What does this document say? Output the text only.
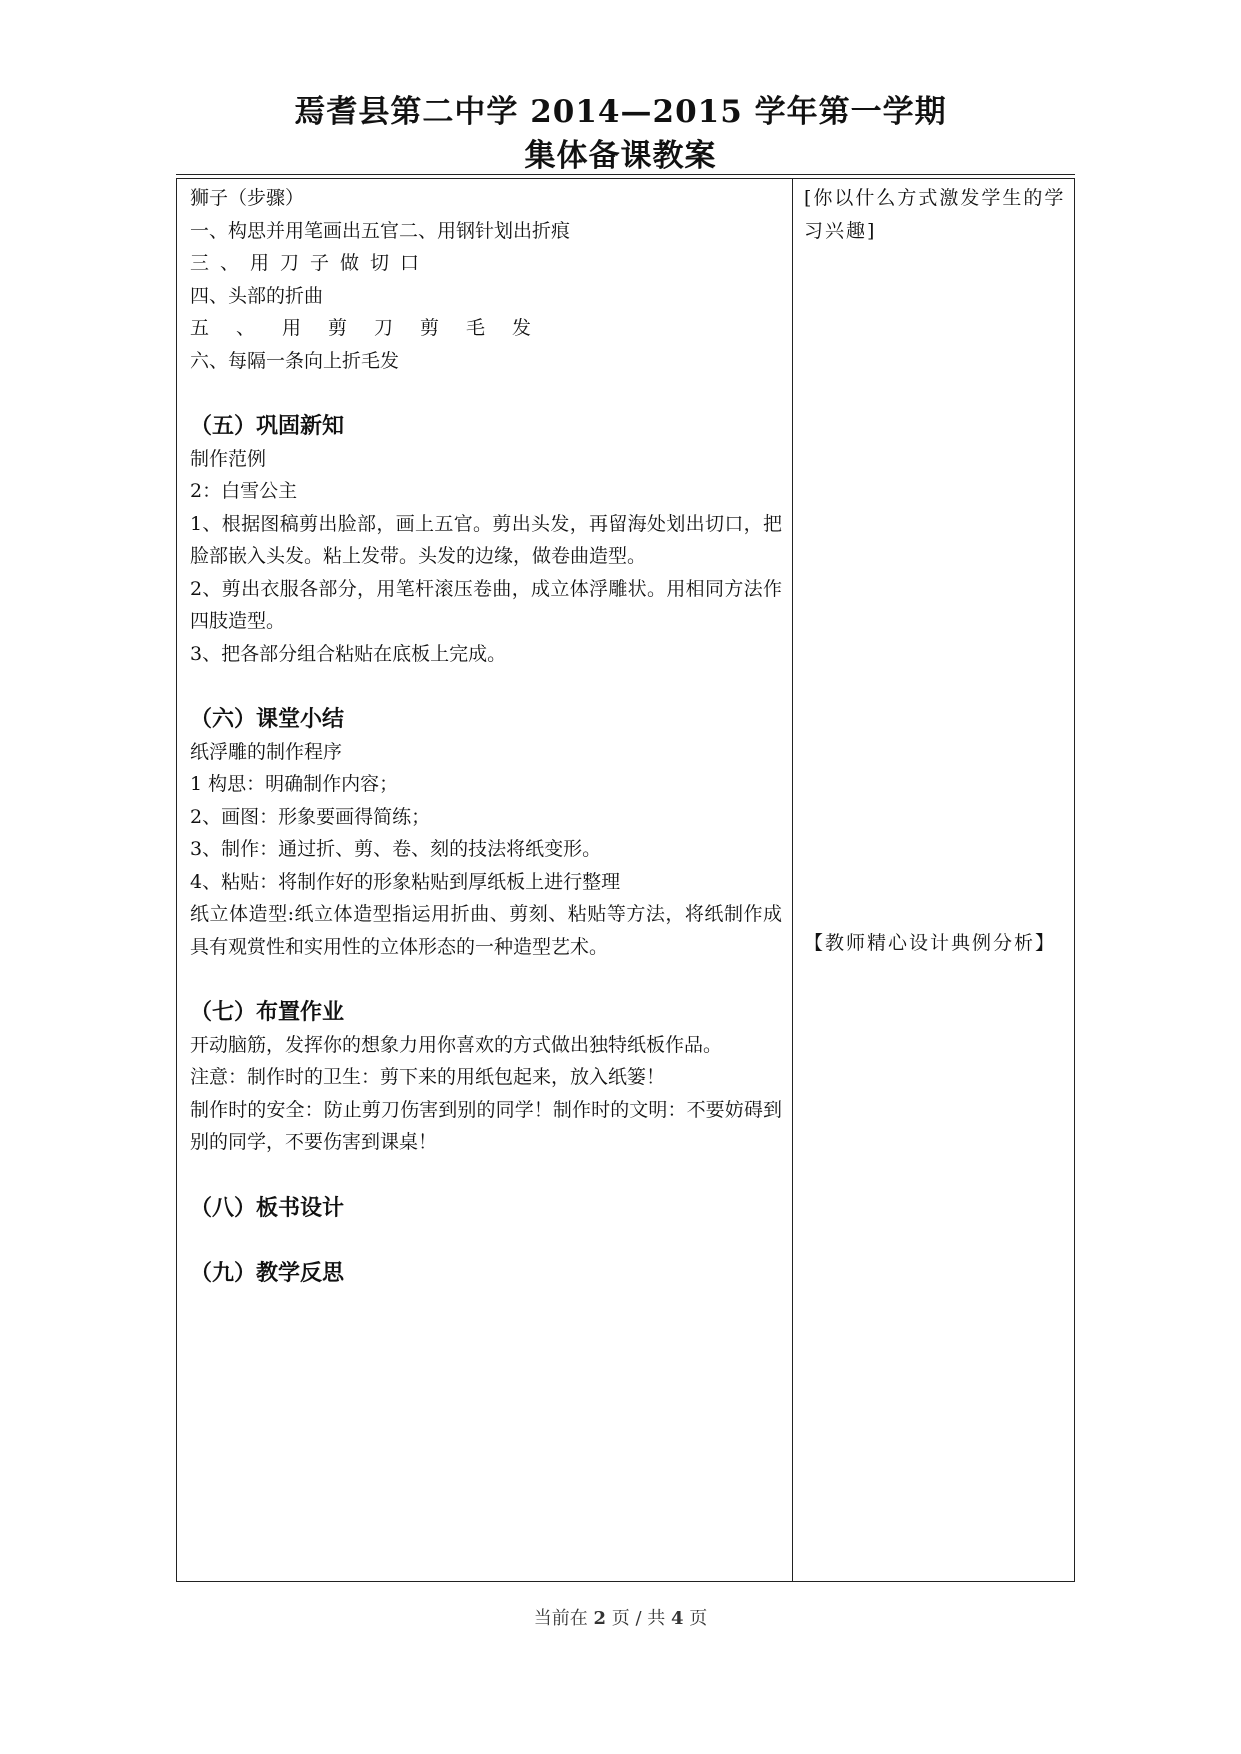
焉耆县第二中学 2014—2015 学年第一学期
集体备课教案
狮子（步骤）
一、构思并用笔画出五官二、用钢针划出折痕
三、用刀子做切口
四、头部的折曲
五、用剪刀剪毛发
六、每隔一条向上折毛发
（五）巩固新知
制作范例
2：白雪公主
1、根据图稿剪出脸部，画上五官。剪出头发，再留海处划出切口，把脸部嵌入头发。粘上发带。头发的边缘，做卷曲造型。
2、剪出衣服各部分，用笔杆滚压卷曲，成立体浮雕状。用相同方法作四肢造型。
3、把各部分组合粘贴在底板上完成。
（六）课堂小结
纸浮雕的制作程序
1 构思：明确制作内容；
2、画图：形象要画得简练；
3、制作：通过折、剪、卷、刻的技法将纸变形。
4、粘贴：将制作好的形象粘贴到厚纸板上进行整理
纸立体造型:纸立体造型指运用折曲、剪刻、粘贴等方法，将纸制作成具有观赏性和实用性的立体形态的一种造型艺术。
（七）布置作业
开动脑筋，发挥你的想象力用你喜欢的方式做出独特纸板作品。
注意：制作时的卫生：剪下来的用纸包起来，放入纸篓！
制作时的安全：防止剪刀伤害到别的同学！制作时的文明：不要妨碍到别的同学，不要伤害到课桌！
（八）板书设计
（九）教学反思
[你以什么方式激发学生的学习兴趣]
【教师精心设计典例分析】
当前在 2 页 / 共 4 页
